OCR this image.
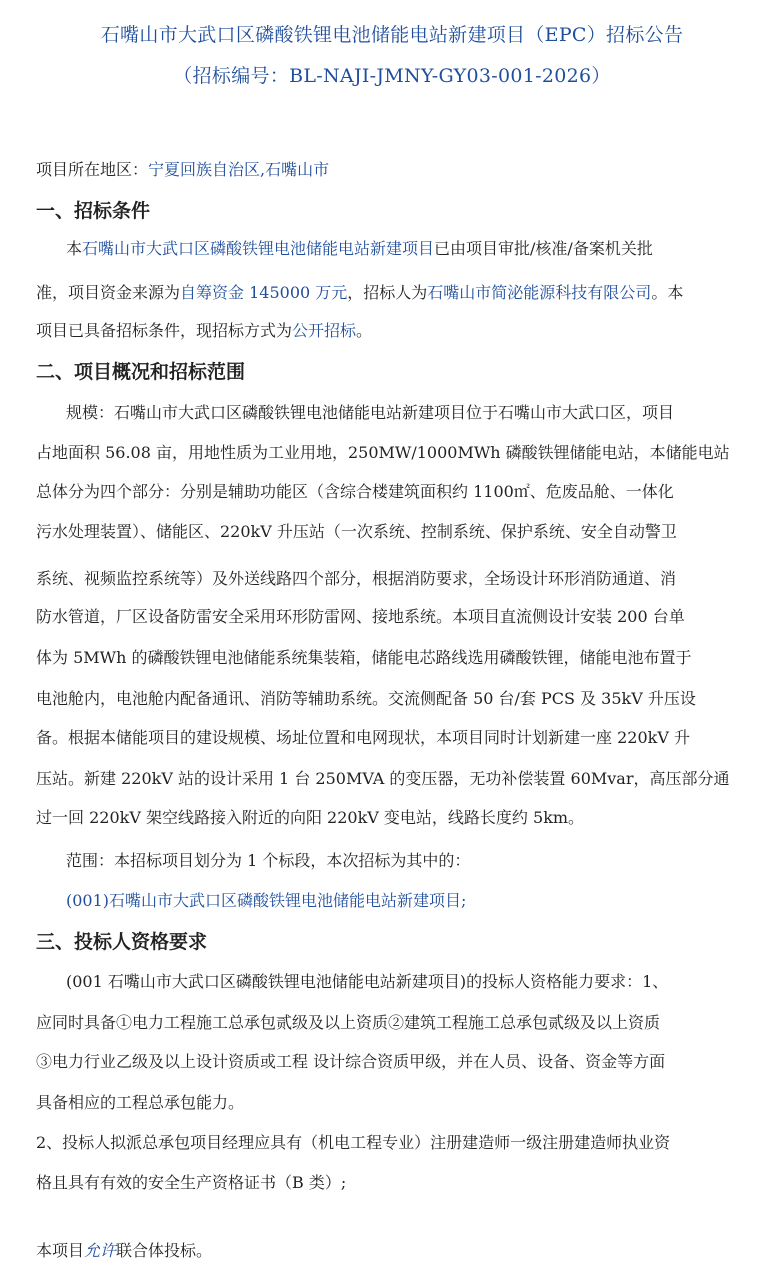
石嘴山市大武口区磷酸铁锂电池储能电站新建项目（EPC）招标公告
（招标编号：BL-NAJI-JMNY-GY03-001-2026）
项目所在地区：宁夏回族自治区,石嘴山市
一、招标条件
本石嘴山市大武口区磷酸铁锂电池储能电站新建项目已由项目审批/核准/备案机关批
准，项目资金来源为自筹资金 145000 万元，招标人为石嘴山市简泌能源科技有限公司。本
项目已具备招标条件，现招标方式为公开招标。
二、项目概况和招标范围
规模：石嘴山市大武口区磷酸铁锂电池储能电站新建项目位于石嘴山市大武口区，项目
占地面积 56.08 亩，用地性质为工业用地，250MW/1000MWh 磷酸铁锂储能电站，本储能电站
总体分为四个部分：分别是辅助功能区（含综合楼建筑面积约 1100㎡、危废品舱、一体化
污水处理装置）、储能区、220kV 升压站（一次系统、控制系统、保护系统、安全自动警卫
系统、视频监控系统等）及外送线路四个部分，根据消防要求，全场设计环形消防通道、消
防水管道，厂区设备防雷安全采用环形防雷网、接地系统。本项目直流侧设计安装 200 台单
体为 5MWh 的磷酸铁锂电池储能系统集装箱，储能电芯路线选用磷酸铁锂，储能电池布置于
电池舱内，电池舱内配备通讯、消防等辅助系统。交流侧配备 50 台/套 PCS 及 35kV 升压设
备。根据本储能项目的建设规模、场址位置和电网现状，本项目同时计划新建一座 220kV 升
压站。新建 220kV 站的设计采用 1 台 250MVA 的变压器，无功补偿装置 60Mvar，高压部分通
过一回 220kV 架空线路接入附近的向阳 220kV 变电站，线路长度约 5km。
范围：本招标项目划分为 1 个标段，本次招标为其中的：
(001)石嘴山市大武口区磷酸铁锂电池储能电站新建项目;
三、投标人资格要求
(001 石嘴山市大武口区磷酸铁锂电池储能电站新建项目)的投标人资格能力要求：1、
应同时具备①电力工程施工总承包贰级及以上资质②建筑工程施工总承包贰级及以上资质
③电力行业乙级及以上设计资质或工程 设计综合资质甲级，并在人员、设备、资金等方面
具备相应的工程总承包能力。
2、投标人拟派总承包项目经理应具有（机电工程专业）注册建造师一级注册建造师执业资
格且具有有效的安全生产资格证书（B 类）;
本项目允许联合体投标。
